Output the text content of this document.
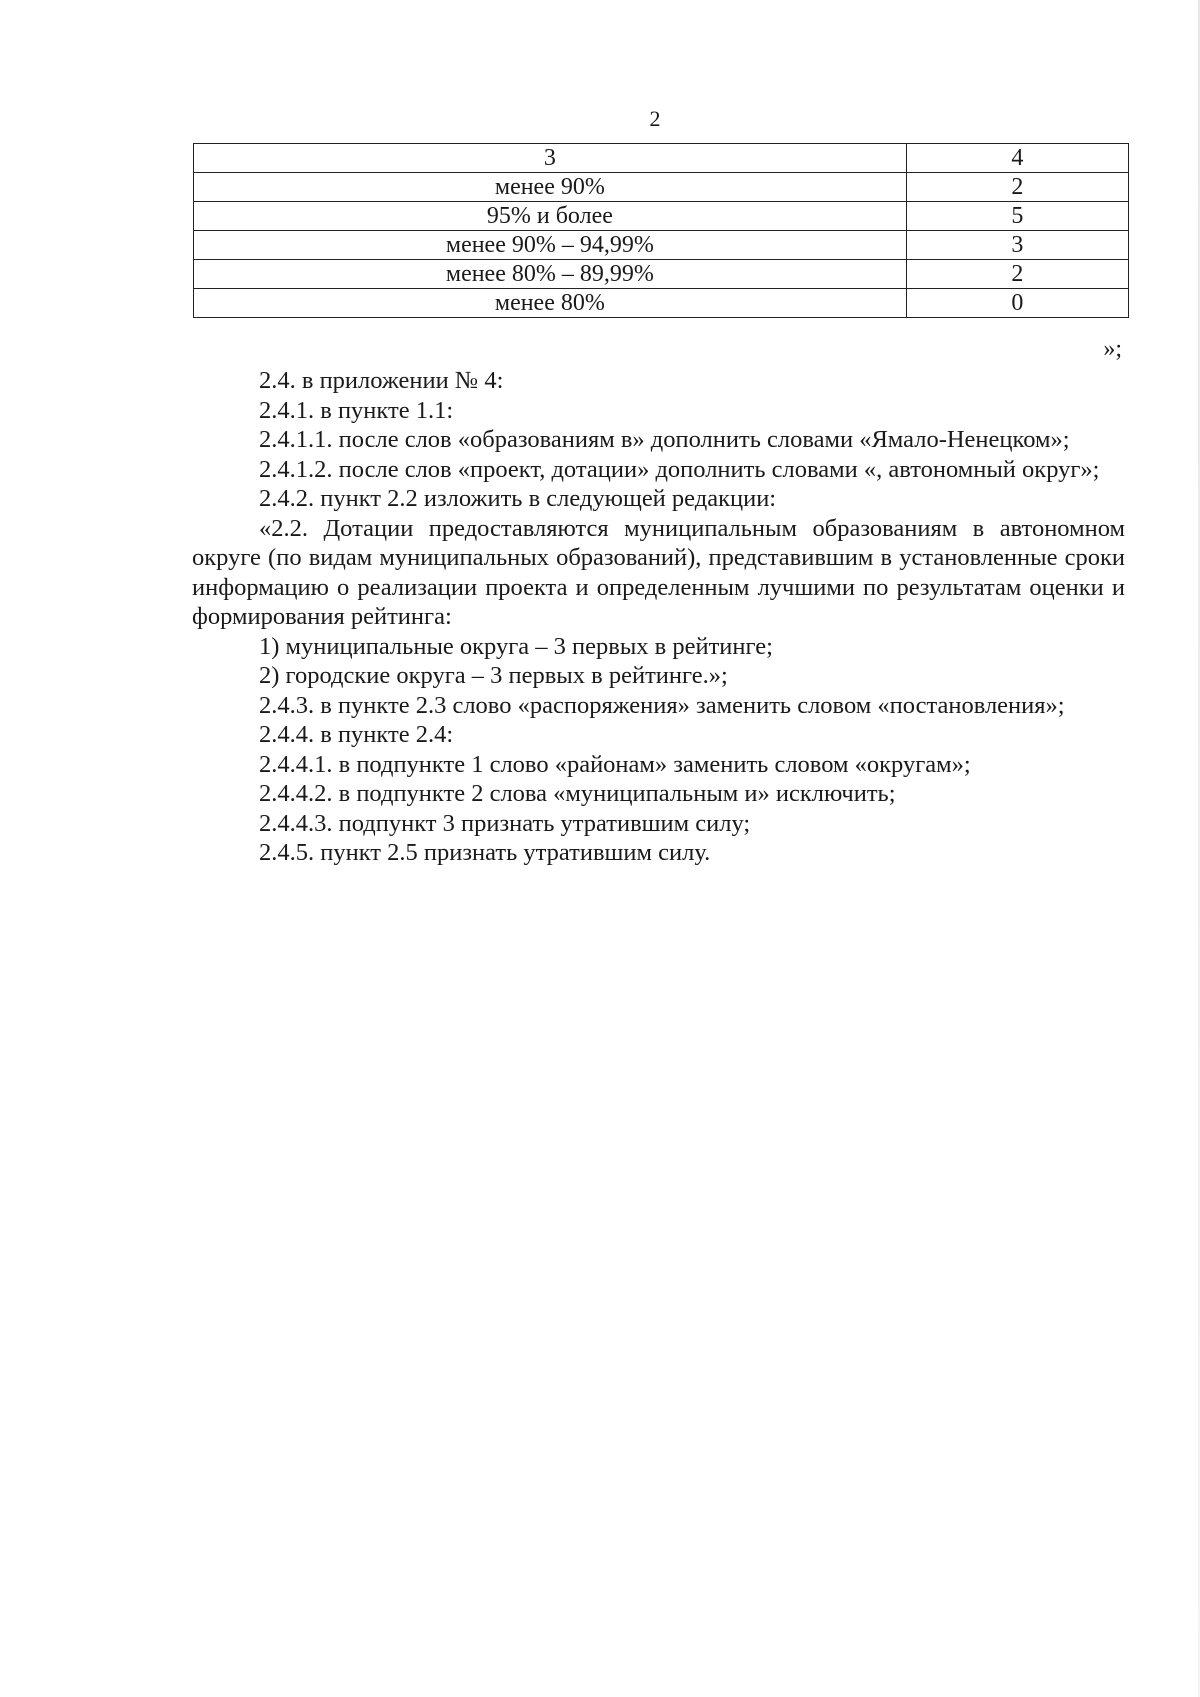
2
3	4
менее 90%	2
95% и более	5
менее 90% – 94,99%	3
менее 80% – 89,99%	2
менее 80%	0
»;

2.4. в приложении № 4:

2.4.1. в пункте 1.1:

2.4.1.1. после слов «образованиям в» дополнить словами «Ямало-Ненецком»;

2.4.1.2. после слов «проект, дотации» дополнить словами «, автономный округ»;

2.4.2. пункт 2.2 изложить в следующей редакции:

«2.2. Дотации предоставляются муниципальным образованиям в автономном округе (по видам муниципальных образований), представившим в установленные сроки информацию о реализации проекта и определенным лучшими по результатам оценки и формирования рейтинга:

1) муниципальные округа – 3 первых в рейтинге;

2) городские округа – 3 первых в рейтинге.»;

2.4.3. в пункте 2.3 слово «распоряжения» заменить словом «постановления»;

2.4.4. в пункте 2.4:

2.4.4.1. в подпункте 1 слово «районам» заменить словом «округам»;

2.4.4.2. в подпункте 2 слова «муниципальным и» исключить;

2.4.4.3. подпункт 3 признать утратившим силу;

2.4.5. пункт 2.5 признать утратившим силу.
